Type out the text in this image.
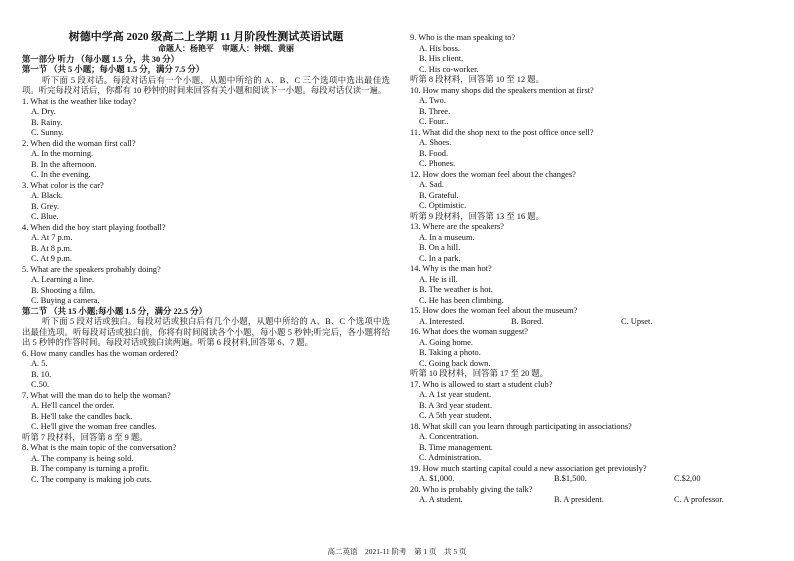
树德中学高 2020 级高二上学期 11 月阶段性测试英语试题
命题人：杨艳平　审题人：钟烟、黄丽

第一部分 听力 （每小题 1.5 分，共 30 分）

第一节 （共 5 小题；每小题 1.5 分，满分 7.5 分）

听下面 5 段对话。每段对话后有一个小题，从题中所给的 A、B、C 三个选项中选出最佳选项。听完每段对话后，你都有 10 秒钟的时间来回答有关小题和阅读下一小题。每段对话仅读一遍。

1. What is the weather like today?

A. Dry.

B. Rainy.

C. Sunny.

2. When did the woman first call?

A. In the morning.

B. In the afternoon.

C. In the evening.

3. What color is the car?

A. Black.

B. Grey.

C. Blue.

4. When did the boy start playing football?

A. At 7 p.m.

B. At 8 p.m.

C. At 9 p.m.

5. What are the speakers probably doing?

A. Learning a line.

B. Shooting a film.

C. Buying a camera.

第二节 （共 15 小题;每小题 1.5 分，满分 22.5 分）

听下面 5 段对话或独白。每段对话或独白后有几个小题，从题中所给的 A、B、C 个选项中选出最佳选项。听每段对话或独白前，你将有时间阅读各个小题，每小题 5 秒钟;听完后，各小题将给出 5 秒钟的作答时间。每段对话或独白读两遍。听第 6 段材料,回答第 6、7 题。

6. How many candles has the woman ordered?

A. 5.

B. 10.

C.50.

7. What will the man do to help the woman?

A. He'll cancel the order.

B. He'll take the candles back.

C. He'll give the woman free candles.

听第 7 段材料，回答第 8 至 9 题。

8. What is the main topic of the conversation?

A. The company is being sold.

B. The company is turning a profit.

C. The company is making job cuts.

9. Who is the man speaking to?

A. His boss.

B. His client.

C. His co-worker.

听第 8 段材料，回答第 10 至 12 题。

10. How many shops did the speakers mention at first?

A. Two.

B. Three.

C. Four..

11. What did the shop next to the post office once sell?

A. Shoes.

B. Food.

C. Phones.

12. How does the woman feel about the changes?

A. Sad.

B. Grateful.

C. Optimistic.

听第 9 段材料，回答第 13 至 16 题。

13. Where are the speakers?

A. In a museum.

B. On a hill.

C. In a park.

14. Why is the man hot?

A. He is ill.

B. The weather is hot.

C. He has been climbing.

15. How does the woman feel about the museum?

A. Interested.	B. Bored.	C. Upset.

16. What does the woman suggest?

A. Going home.

B. Taking a photo.

C. Going back down.

听第 10 段材料，回答第 17 至 20 题。

17. Who is allowed to start a student club?

A. A 1st year student.

B. A 3rd year student.

C. A 5th year student.

18. What skill can you learn through participating in associations?

A. Concentration.

B. Time management.

C. Administration.

19. How much starting capital could a new association get previously?

A. $1,000.	B.$1,500.	C.$2,00

20. Who is probably giving the talk?

A. A student.	B. A president.	C. A professor.
高二英语　2021-11 阶考　第 1 页　共 5 页
